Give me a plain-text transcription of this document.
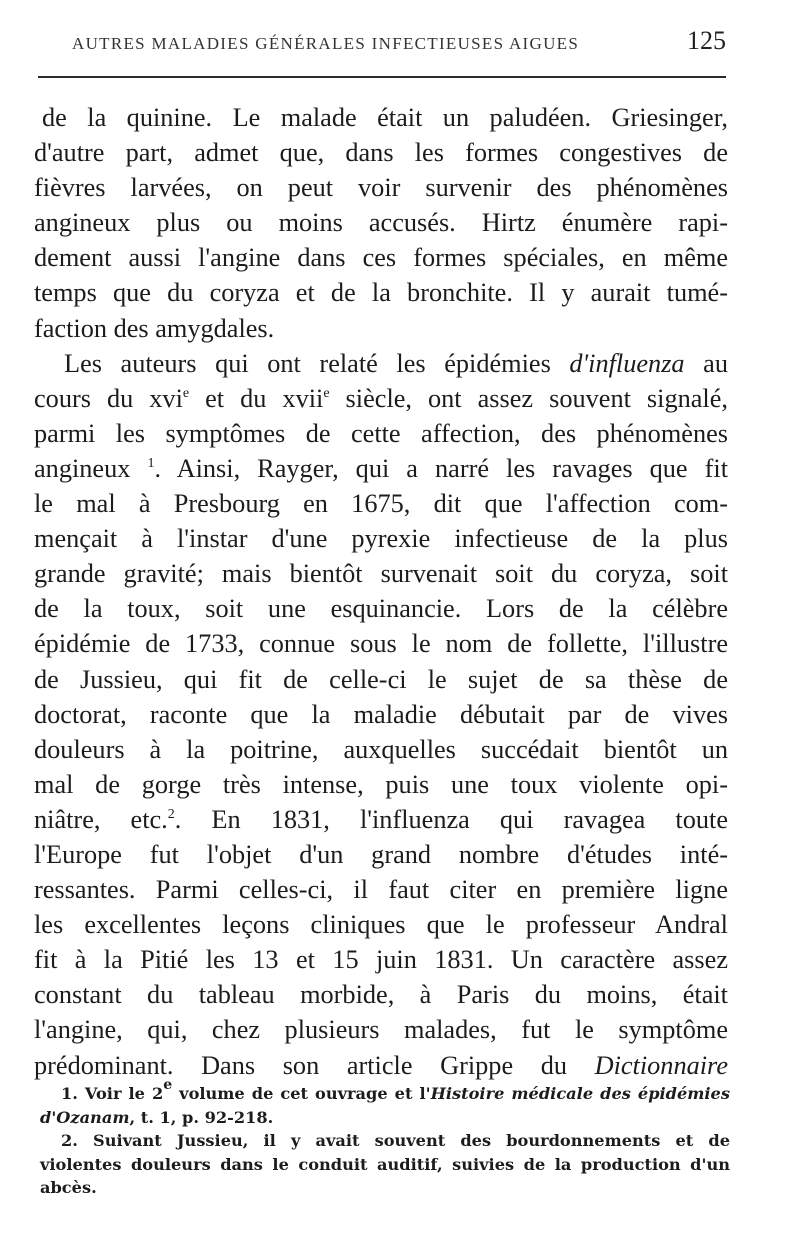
AUTRES MALADIES GÉNÉRALES INFECTIEUSES AIGUES	125
de la quinine. Le malade était un paludéen. Griesinger,
d'autre part, admet que, dans les formes congestives de
fièvres larvées, on peut voir survenir des phénomènes
angineux plus ou moins accusés. Hirtz énumère rapi-
dement aussi l'angine dans ces formes spéciales, en même
temps que du coryza et de la bronchite. Il y aurait tumé-
faction des amygdales.
Les auteurs qui ont relaté les épidémies d'influenza au
cours du xvi$^e$ et du xvii$^e$ siècle, ont assez souvent signalé,
parmi les symptômes de cette affection, des phénomènes
angineux $^1$. Ainsi, Rayger, qui a narré les ravages que fit
le mal à Presbourg en 1675, dit que l'affection com-
mençait à l'instar d'une pyrexie infectieuse de la plus
grande gravité; mais bientôt survenait soit du coryza, soit
de la toux, soit une esquinancie. Lors de la célèbre
épidémie de 1733, connue sous le nom de follette, l'illustre
de Jussieu, qui fit de celle-ci le sujet de sa thèse de
doctorat, raconte que la maladie débutait par de vives
douleurs à la poitrine, auxquelles succédait bientôt un
mal de gorge très intense, puis une toux violente opi-
niâtre, etc.$^2$. En 1831, l'influenza qui ravagea toute
l'Europe fut l'objet d'un grand nombre d'études inté-
ressantes. Parmi celles-ci, il faut citer en première ligne
les excellentes leçons cliniques que le professeur Andral
fit à la Pitié les 13 et 15 juin 1831. Un caractère assez
constant du tableau morbide, à Paris du moins, était
l'angine, qui, chez plusieurs malades, fut le symptôme
prédominant. Dans son article Grippe du Dictionnaire
1. Voir le 2e volume de cet ouvrage et l'Histoire médicale des épidémies
d'Ozanam, t. 1, p. 92-218.
2. Suivant Jussieu, il y avait souvent des bourdonnements et de
violentes douleurs dans le conduit auditif, suivies de la production d'un
abcès.
